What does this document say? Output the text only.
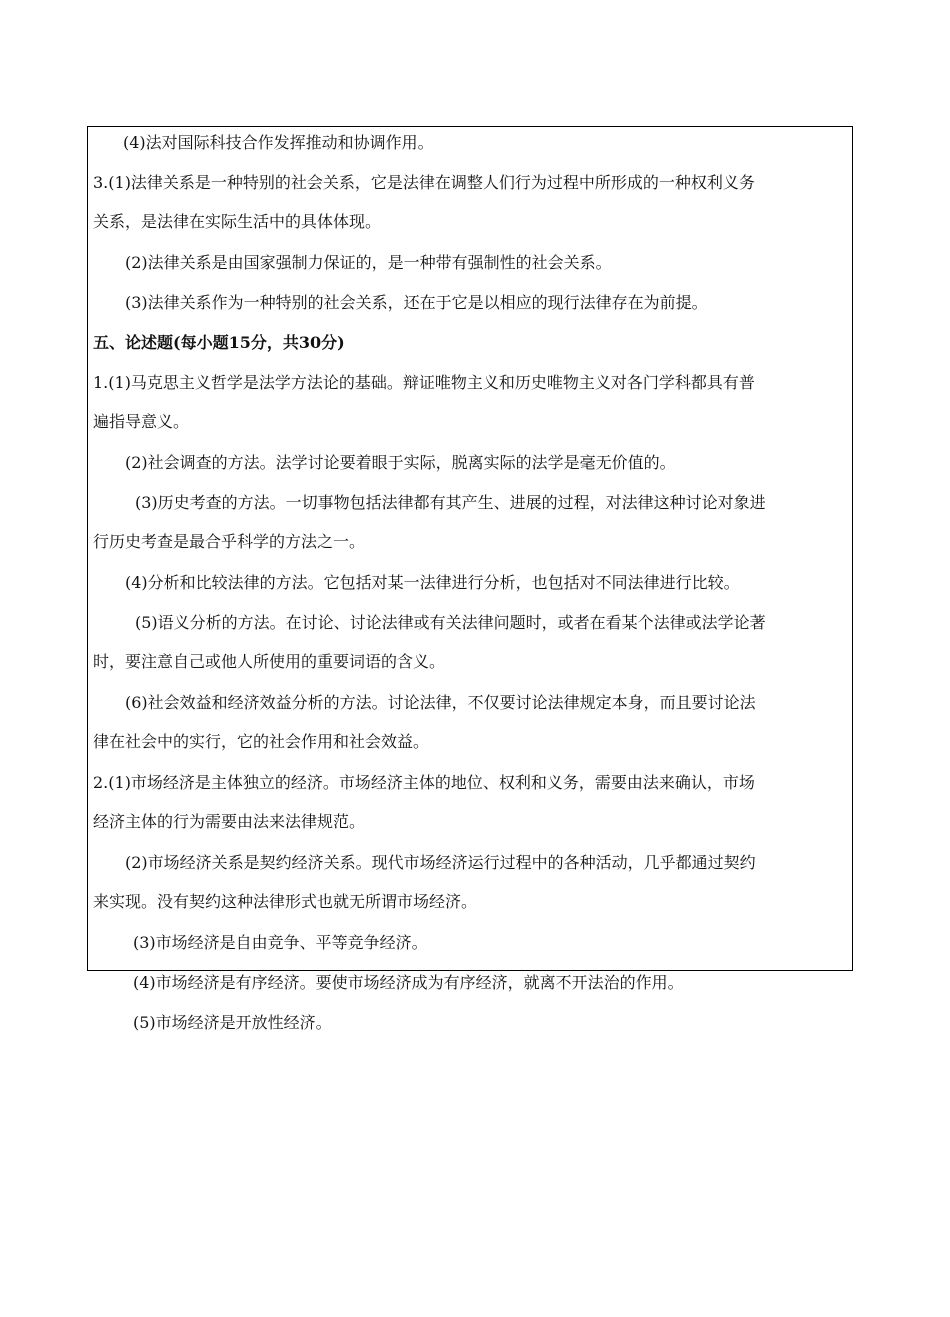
(4)法对国际科技合作发挥推动和协调作用。
3.(1)法律关系是一种特别的社会关系，它是法律在调整人们行为过程中所形成的一种权利义务
关系，是法律在实际生活中的具体体现。
(2)法律关系是由国家强制力保证的，是一种带有强制性的社会关系。
(3)法律关系作为一种特别的社会关系，还在于它是以相应的现行法律存在为前提。
五、论述题(每小题15分，共30分)
1.(1)马克思主义哲学是法学方法论的基础。辩证唯物主义和历史唯物主义对各门学科都具有普
遍指导意义。
(2)社会调查的方法。法学讨论要着眼于实际，脱离实际的法学是毫无价值的。
(3)历史考查的方法。一切事物包括法律都有其产生、进展的过程，对法律这种讨论对象进
行历史考查是最合乎科学的方法之一。
(4)分析和比较法律的方法。它包括对某一法律进行分析，也包括对不同法律进行比较。
(5)语义分析的方法。在讨论、讨论法律或有关法律问题时，或者在看某个法律或法学论著
时，要注意自己或他人所使用的重要词语的含义。
(6)社会效益和经济效益分析的方法。讨论法律，不仅要讨论法律规定本身，而且要讨论法
律在社会中的实行，它的社会作用和社会效益。
2.(1)市场经济是主体独立的经济。市场经济主体的地位、权利和义务，需要由法来确认，市场
经济主体的行为需要由法来法律规范。
(2)市场经济关系是契约经济关系。现代市场经济运行过程中的各种活动，几乎都通过契约
来实现。没有契约这种法律形式也就无所谓市场经济。
(3)市场经济是自由竞争、平等竞争经济。
(4)市场经济是有序经济。要使市场经济成为有序经济，就离不开法治的作用。
(5)市场经济是开放性经济。
